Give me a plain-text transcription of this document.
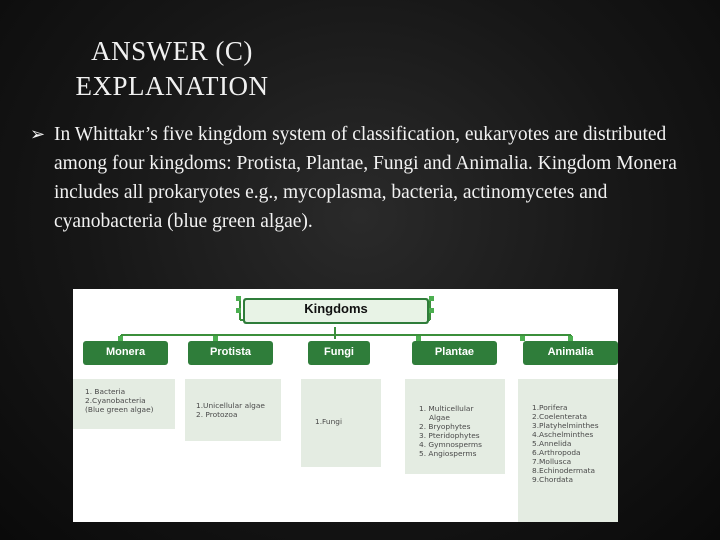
ANSWER (C)
EXPLANATION
➢ In Whittakr’s five kingdom system of classification, eukaryotes are distributed among four kingdoms: Protista, Plantae, Fungi and Animalia. Kingdom Monera includes all prokaryotes e.g., mycoplasma, bacteria, actinomycetes and cyanobacteria (blue green algae).
Kingdoms
Monera	Protista	Fungi	Plantae	Animalia
1. Bacteria
2.Cyanobacteria
(Blue green algae)	1.Unicellular algae
2. Protozoa
1.Fungi
1. Multicellular
Algae
2. Bryophytes
3. Pteridophytes
4. Gymnosperms
5. Angiosperms
1.Porifera
2.Coelenterata
3.Platyhelminthes
4.Aschelminthes
5.Annelida
6.Arthropoda
7.Mollusca
8.Echinodermata
9.Chordata
